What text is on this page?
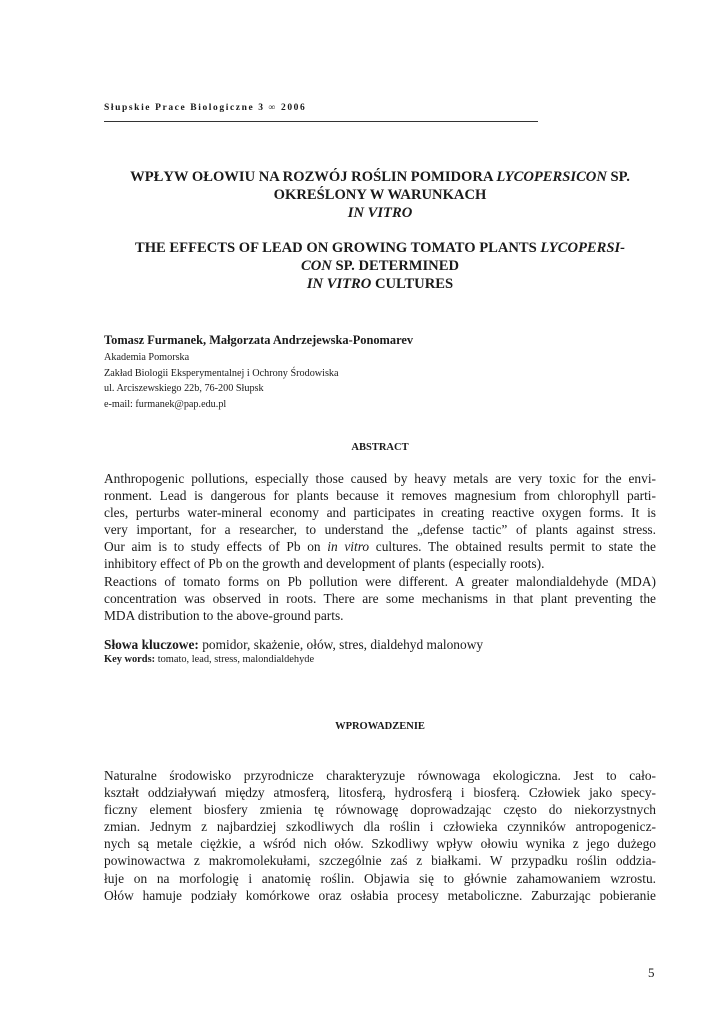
Słupskie Prace Biologiczne 3 ∞ 2006
WPŁYW OŁOWIU NA ROZWÓJ ROŚLIN POMIDORA LYCOPERSICON SP.
OKREŚLONY W WARUNKACH
IN VITRO
THE EFFECTS OF LEAD ON GROWING TOMATO PLANTS LYCOPERSI-
CON SP. DETERMINED
IN VITRO CULTURES
Tomasz Furmanek, Małgorzata Andrzejewska-Ponomarev
Akademia Pomorska
Zakład Biologii Eksperymentalnej i Ochrony Środowiska
ul. Arciszewskiego 22b, 76-200 Słupsk
e-mail: furmanek@pap.edu.pl
ABSTRACT
Anthropogenic pollutions, especially those caused by heavy metals are very toxic for the envi-
ronment. Lead is dangerous for plants because it removes magnesium from chlorophyll parti-
cles, perturbs water-mineral economy and participates in creating reactive oxygen forms. It is
very important, for a researcher, to understand the „defense tactic” of plants against stress.
Our aim is to study effects of Pb on in vitro cultures. The obtained results permit to state the
inhibitory effect of Pb on the growth and development of plants (especially roots).
Reactions of tomato forms on Pb pollution were different. A greater malondialdehyde (MDA)
concentration was observed in roots. There are some mechanisms in that plant preventing the
MDA distribution to the above-ground parts.
Słowa kluczowe: pomidor, skażenie, ołów, stres, dialdehyd malonowy
Key words: tomato, lead, stress, malondialdehyde
WPROWADZENIE
Naturalne środowisko przyrodnicze charakteryzuje równowaga ekologiczna. Jest to cało-
kształt oddziaływań między atmosferą, litosferą, hydrosferą i biosferą. Człowiek jako specy-
ficzny element biosfery zmienia tę równowagę doprowadzając często do niekorzystnych
zmian. Jednym z najbardziej szkodliwych dla roślin i człowieka czynników antropogenicz-
nych są metale ciężkie, a wśród nich ołów. Szkodliwy wpływ ołowiu wynika z jego dużego
powinowactwa z makromolekułami, szczególnie zaś z białkami. W przypadku roślin oddzia-
łuje on na morfologię i anatomię roślin. Objawia się to głównie zahamowaniem wzrostu.
Ołów hamuje podziały komórkowe oraz osłabia procesy metaboliczne. Zaburzając pobieranie
5
